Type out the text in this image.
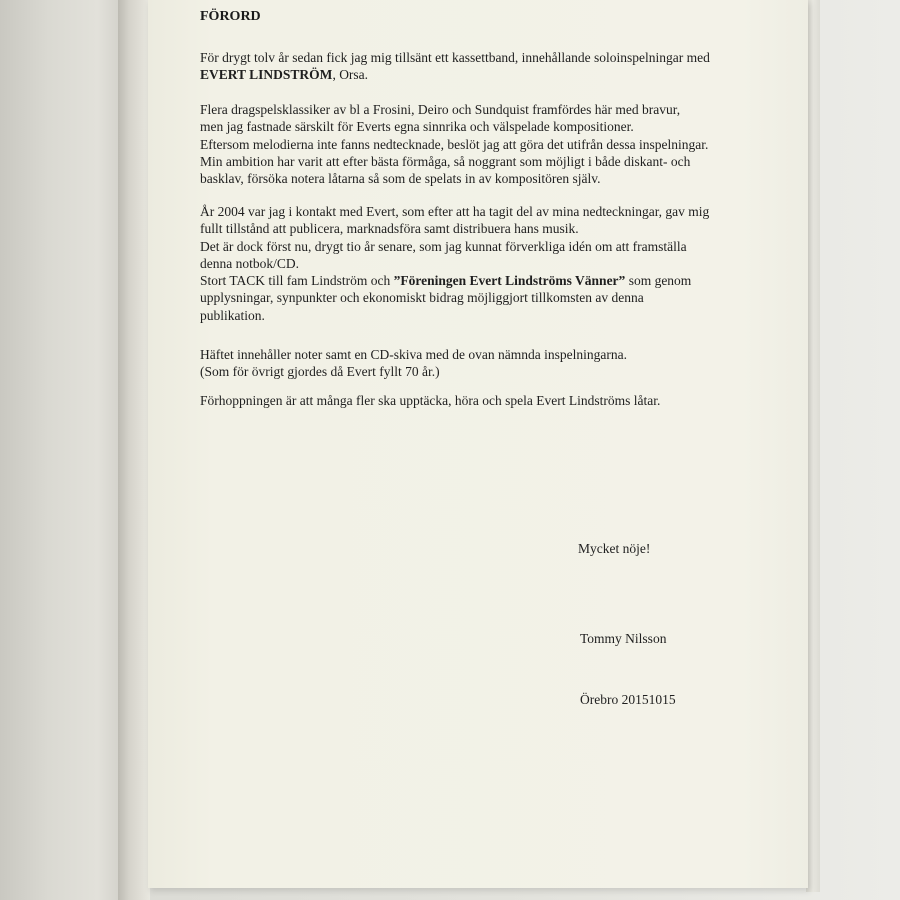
FÖRORD
För drygt tolv år sedan fick jag mig tillsänt ett kassettband, innehållande soloinspelningar med
EVERT LINDSTRÖM, Orsa.
Flera dragspelsklassiker av bl a Frosini, Deiro och Sundquist framfördes här med bravur,
men jag fastnade särskilt för Everts egna sinnrika och välspelade kompositioner.
Eftersom melodierna inte fanns nedtecknade, beslöt jag att göra det utifrån dessa inspelningar.
Min ambition har varit att efter bästa förmåga, så noggrant som möjligt i både diskant- och
basklav, försöka notera låtarna så som de spelats in av kompositören själv.
År 2004 var jag i kontakt med Evert, som efter att ha tagit del av mina nedteckningar, gav mig
fullt tillstånd att publicera, marknadsföra samt distribuera hans musik.
Det är dock först nu, drygt tio år senare, som jag kunnat förverkliga idén om att framställa
denna notbok/CD.
Stort TACK till fam Lindström och ”Föreningen Evert Lindströms Vänner” som genom
upplysningar, synpunkter och ekonomiskt bidrag möjliggjort tillkomsten av denna
publikation.
Häftet innehåller noter samt en CD-skiva med de ovan nämnda inspelningarna.
(Som för övrigt gjordes då Evert fyllt 70 år.)
Förhoppningen är att många fler ska upptäcka, höra och spela Evert Lindströms låtar.
Mycket nöje!
Tommy Nilsson
Örebro 20151015
